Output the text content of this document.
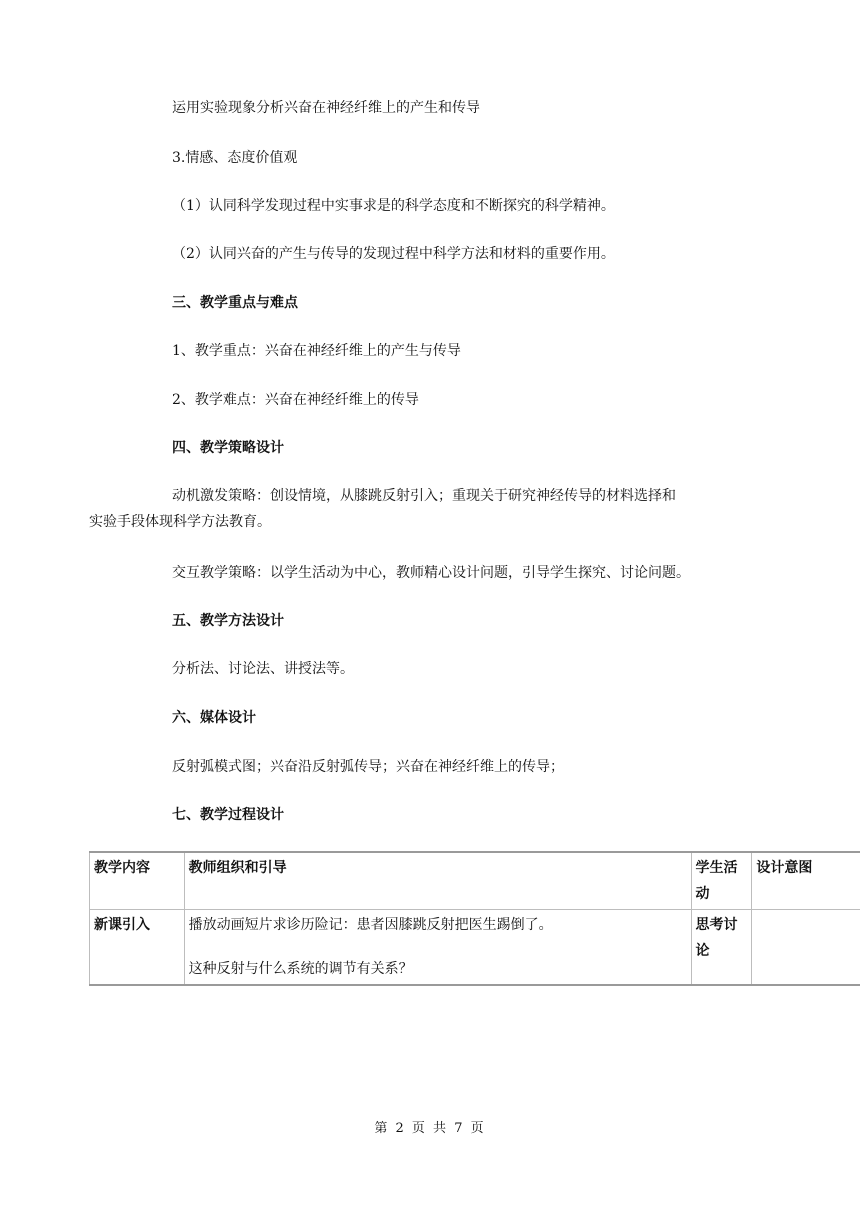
运用实验现象分析兴奋在神经纤维上的产生和传导
3.情感、态度价值观
（1）认同科学发现过程中实事求是的科学态度和不断探究的科学精神。
（2）认同兴奋的产生与传导的发现过程中科学方法和材料的重要作用。
三、教学重点与难点
1、教学重点：兴奋在神经纤维上的产生与传导
2、教学难点：兴奋在神经纤维上的传导
四、教学策略设计
动机激发策略：创设情境，从膝跳反射引入；重现关于研究神经传导的材料选择和
实验手段体现科学方法教育。
交互教学策略：以学生活动为中心，教师精心设计问题，引导学生探究、讨论问题。
五、教学方法设计
分析法、讨论法、讲授法等。
六、媒体设计
反射弧模式图；兴奋沿反射弧传导；兴奋在神经纤维上的传导；
七、教学过程设计
教学内容	教师组织和引导	学生活动	设计意图
新课引入	播放动画短片求诊历险记：患者因膝跳反射把医生踢倒了。

这种反射与什么系统的调节有关系？	思考讨论	
第 2 页 共 7 页
